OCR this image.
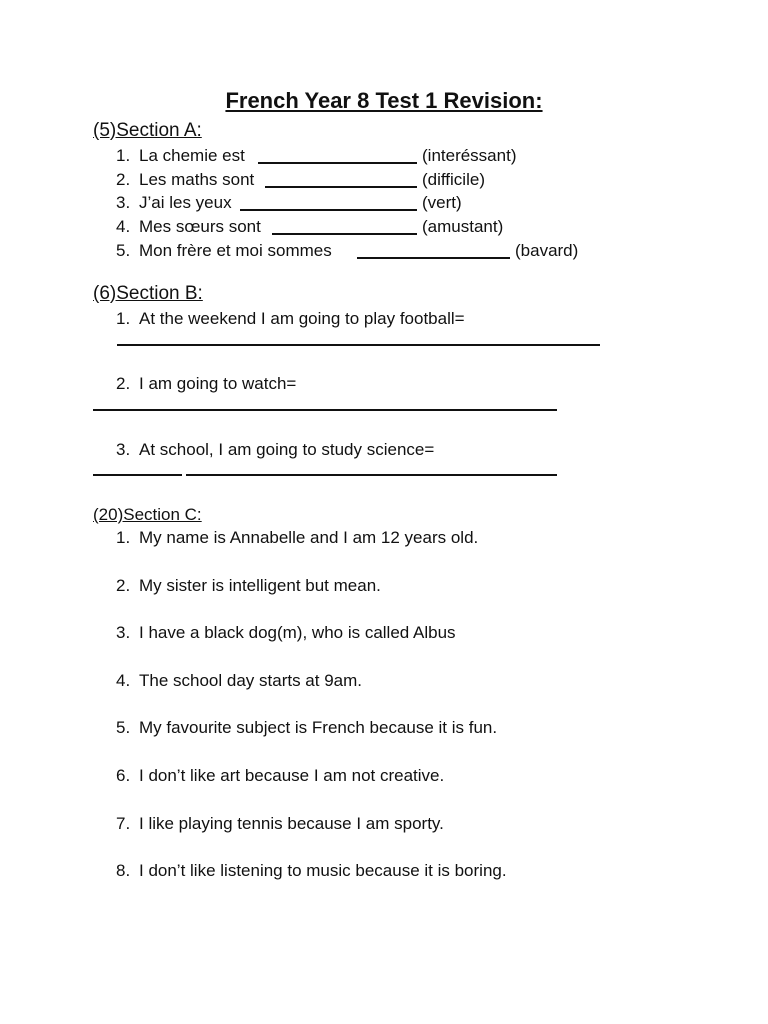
French Year 8 Test 1 Revision:
(5)Section A:
1. La chemie est	(interéssant)
2. Les maths sont	(difficile)
3. J’ai les yeux	(vert)
4. Mes sœurs sont	(amustant)
5. Mon frère et moi sommes	(bavard)
(6)Section B:
1. At the weekend I am going to play football=
2. I am going to watch=
3. At school, I am going to study science=
(20)Section C:
1. My name is Annabelle and I am 12 years old.
2. My sister is intelligent but mean.
3. I have a black dog(m), who is called Albus
4. The school day starts at 9am.
5. My favourite subject is French because it is fun.
6. I don’t like art because I am not creative.
7. I like playing tennis because I am sporty.
8. I don’t like listening to music because it is boring.
